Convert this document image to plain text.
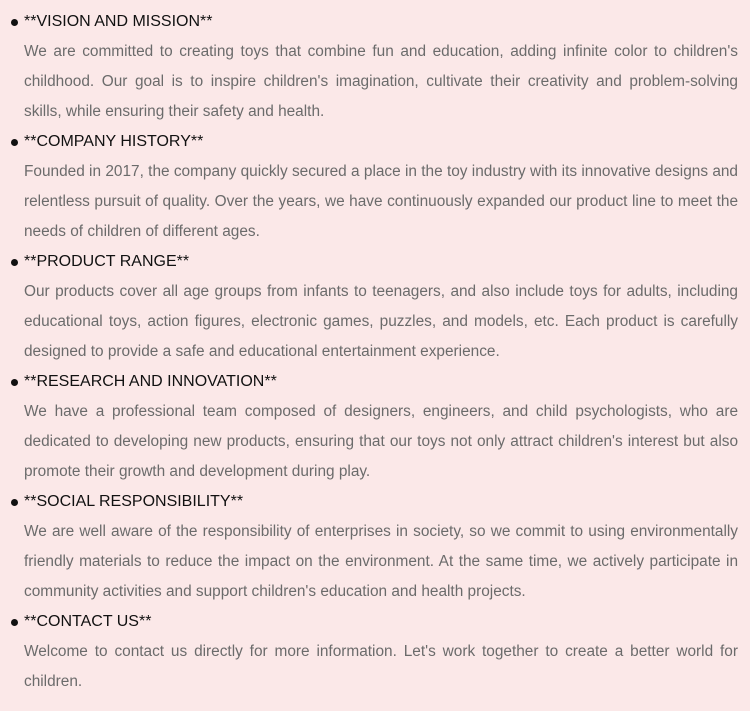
**VISION AND MISSION**
We are committed to creating toys that combine fun and education, adding infinite color to children's childhood. Our goal is to inspire children's imagination, cultivate their creativity and problem-solving skills, while ensuring their safety and health.
**COMPANY HISTORY**
Founded in 2017, the company quickly secured a place in the toy industry with its innovative designs and relentless pursuit of quality. Over the years, we have continuously expanded our product line to meet the needs of children of different ages.
**PRODUCT RANGE**
Our products cover all age groups from infants to teenagers, and also include toys for adults, including educational toys, action figures, electronic games, puzzles, and models, etc. Each product is carefully designed to provide a safe and educational entertainment experience.
**RESEARCH AND INNOVATION**
We have a professional team composed of designers, engineers, and child psychologists, who are dedicated to developing new products, ensuring that our toys not only attract children's interest but also promote their growth and development during play.
**SOCIAL RESPONSIBILITY**
We are well aware of the responsibility of enterprises in society, so we commit to using environmentally friendly materials to reduce the impact on the environment. At the same time, we actively participate in community activities and support children's education and health projects.
**CONTACT US**
Welcome to contact us directly for more information. Let's work together to create a better world for children.
